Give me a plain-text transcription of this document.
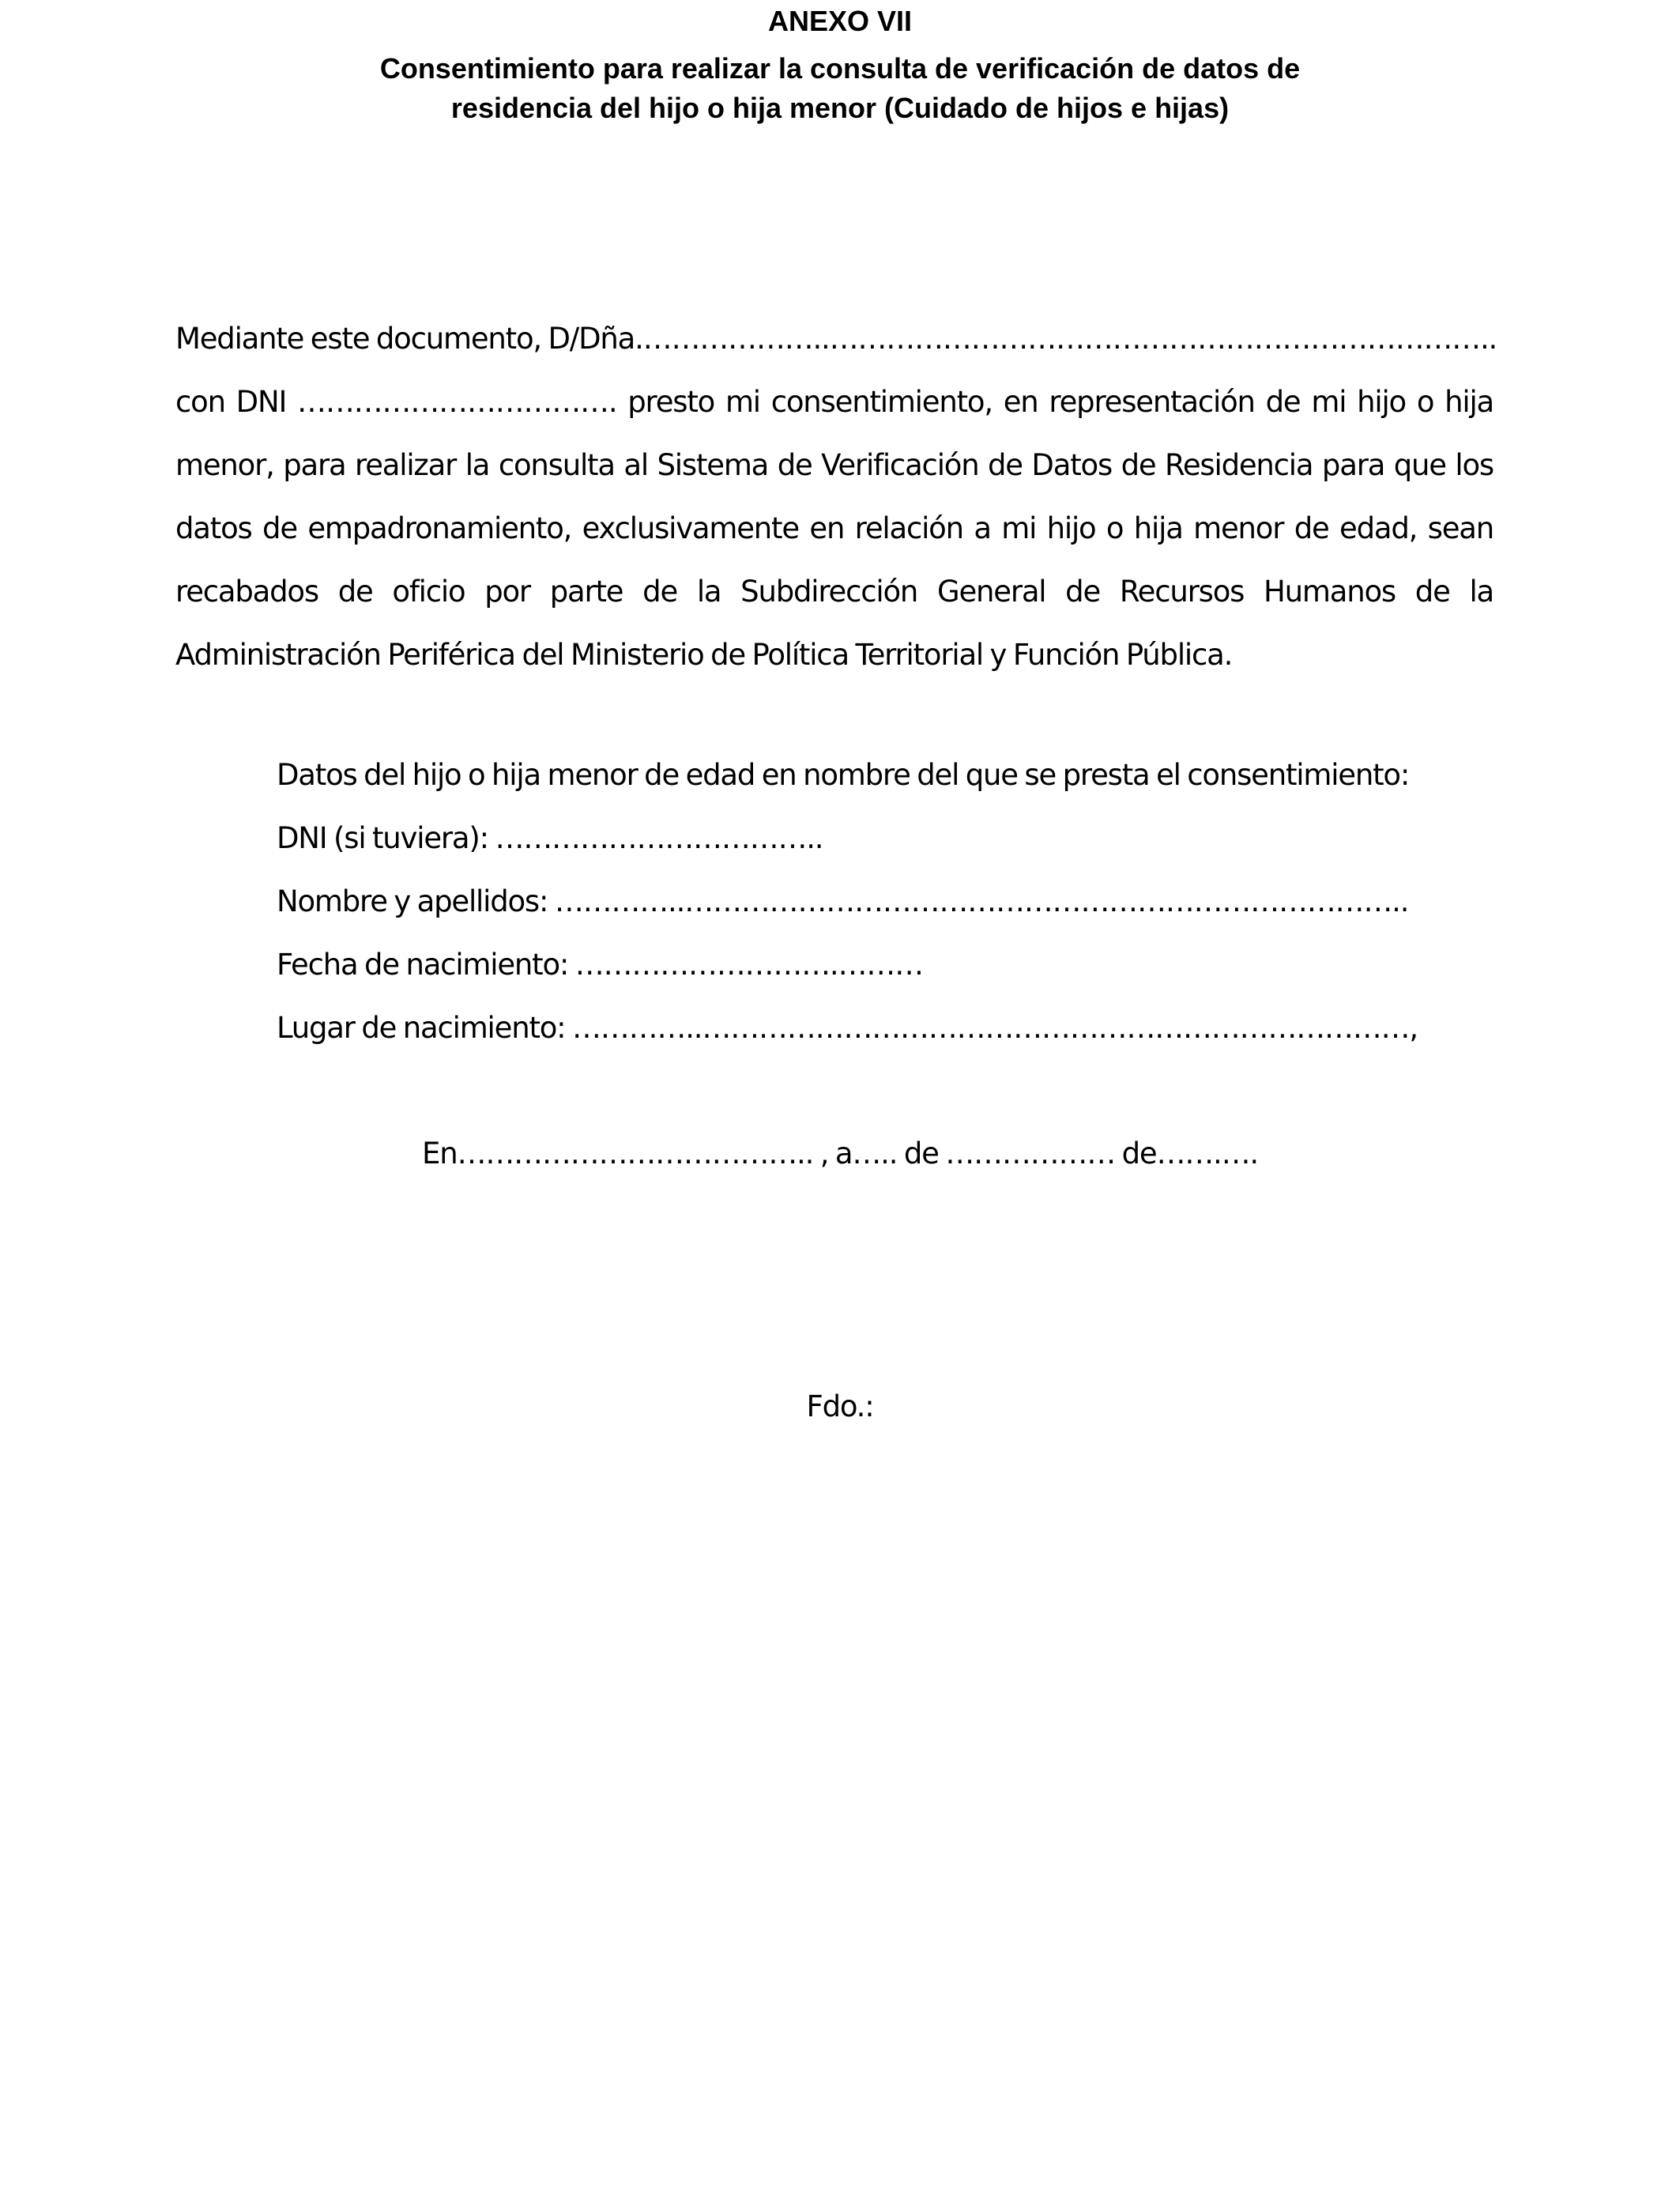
ANEXO VII
Consentimiento para realizar la consulta de verificación de datos de
residencia del hijo o hija menor (Cuidado de hijos e hijas)
Mediante este documento, D/Dña.………………..……………………………………………………………..
con DNI ……………………………. presto mi consentimiento, en representación de mi hijo o hija
menor, para realizar la consulta al Sistema de Verificación de Datos de Residencia para que los
datos de empadronamiento, exclusivamente en relación a mi hijo o hija menor de edad, sean
recabados de oficio por parte de la Subdirección General de Recursos Humanos de la
Administración Periférica del Ministerio de Política Territorial y Función Pública.
Datos del hijo o hija menor de edad en nombre del que se presta el consentimiento:
DNI (si tuviera): ……………………………..
Nombre y apellidos: …………..…………………………………………………………………..
Fecha de nacimiento: ……………………….………
Lugar de nacimiento: …………..…………………………………………………………………,
En……………………………….. , a….. de ……………… de…….….
Fdo.:
